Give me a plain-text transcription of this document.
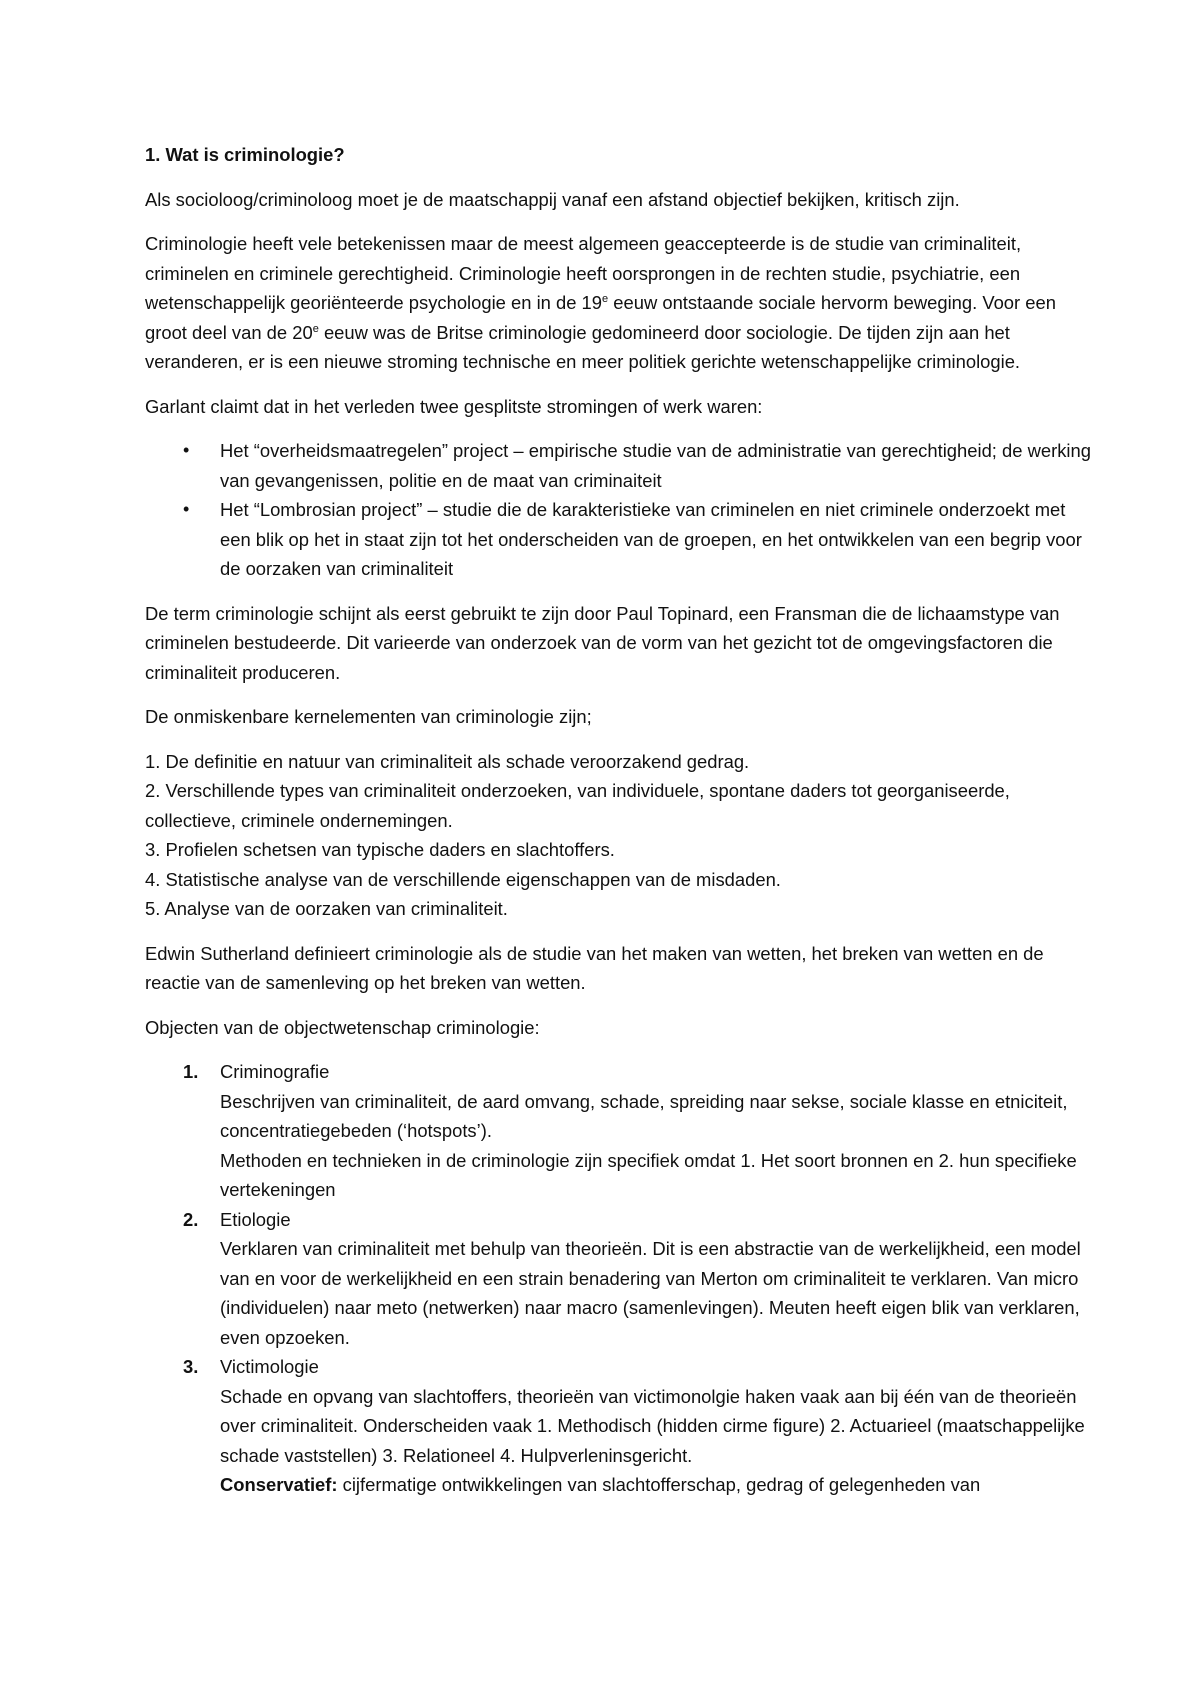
1. Wat is criminologie?

Als socioloog/criminoloog moet je de maatschappij vanaf een afstand objectief bekijken, kritisch zijn.

Criminologie heeft vele betekenissen maar de meest algemeen geaccepteerde is de studie van criminaliteit, criminelen en criminele gerechtigheid. Criminologie heeft oorsprongen in de rechten studie, psychiatrie, een wetenschappelijk georiënteerde psychologie en in de 19e eeuw ontstaande sociale hervorm beweging. Voor een groot deel van de 20e eeuw was de Britse criminologie gedomineerd door sociologie. De tijden zijn aan het veranderen, er is een nieuwe stroming technische en meer politiek gerichte wetenschappelijke criminologie.

Garlant claimt dat in het verleden twee gesplitste stromingen of werk waren:

• Het “overheidsmaatregelen” project – empirische studie van de administratie van gerechtigheid; de werking van gevangenissen, politie en de maat van criminaiteit
• Het “Lombrosian project” – studie die de karakteristieke van criminelen en niet criminele onderzoekt met een blik op het in staat zijn tot het onderscheiden van de groepen, en het ontwikkelen van een begrip voor de oorzaken van criminaliteit

De term criminologie schijnt als eerst gebruikt te zijn door Paul Topinard, een Fransman die de lichaamstype van criminelen bestudeerde. Dit varieerde van onderzoek van de vorm van het gezicht tot de omgevingsfactoren die criminaliteit produceren.

De onmiskenbare kernelementen van criminologie zijn;

1. De definitie en natuur van criminaliteit als schade veroorzakend gedrag.
2. Verschillende types van criminaliteit onderzoeken, van individuele, spontane daders tot georganiseerde, collectieve, criminele ondernemingen.
3. Profielen schetsen van typische daders en slachtoffers.
4. Statistische analyse van de verschillende eigenschappen van de misdaden.
5. Analyse van de oorzaken van criminaliteit.

Edwin Sutherland definieert criminologie als de studie van het maken van wetten, het breken van wetten en de reactie van de samenleving op het breken van wetten.

Objecten van de objectwetenschap criminologie:

1. Criminografie
Beschrijven van criminaliteit, de aard omvang, schade, spreiding naar sekse, sociale klasse en etniciteit, concentratiegebeden (‘hotspots’).
Methoden en technieken in de criminologie zijn specifiek omdat 1. Het soort bronnen en 2. hun specifieke vertekeningen
2. Etiologie
Verklaren van criminaliteit met behulp van theorieën. Dit is een abstractie van de werkelijkheid, een model van en voor de werkelijkheid en een strain benadering van Merton om criminaliteit te verklaren. Van micro (individuelen) naar meto (netwerken) naar macro (samenlevingen). Meuten heeft eigen blik van verklaren, even opzoeken.
3. Victimologie
Schade en opvang van slachtoffers, theorieën van victimonolgie haken vaak aan bij één van de theorieën over criminaliteit. Onderscheiden vaak 1. Methodisch (hidden cirme figure) 2. Actuarieel (maatschappelijke schade vaststellen) 3. Relationeel 4. Hulpverleninsgericht.
Conservatief: cijfermatige ontwikkelingen van slachtofferschap, gedrag of gelegenheden van
